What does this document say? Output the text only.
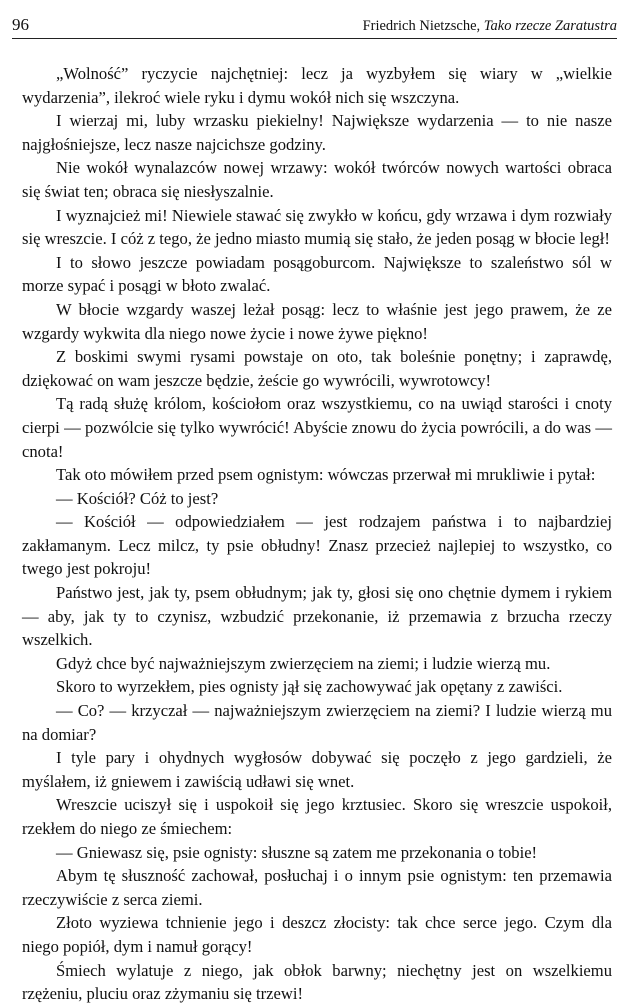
96	Friedrich Nietzsche, Tako rzecze Zaratustra

„Wolność” ryczycie najchętniej: lecz ja wyzbyłem się wiary w „wielkie wydarzenia”, ilekroć wiele ryku i dymu wokół nich się wszczyna.

I wierzaj mi, luby wrzasku piekielny! Największe wydarzenia — to nie nasze najgłośniejsze, lecz nasze najcichsze godziny.

Nie wokół wynalazców nowej wrzawy: wokół twórców nowych wartości obraca się świat ten; obraca się niesłyszalnie.

I wyznajcież mi! Niewiele stawać się zwykło w końcu, gdy wrzawa i dym rozwiały się wreszcie. I cóż z tego, że jedno miasto mumią się stało, że jeden posąg w błocie legł!

I to słowo jeszcze powiadam posągoburcom. Największe to szaleństwo sól w morze sypać i posągi w błoto zwalać.

W błocie wzgardy waszej leżał posąg: lecz to właśnie jest jego prawem, że ze wzgardy wykwita dla niego nowe życie i nowe żywe piękno!

Z boskimi swymi rysami powstaje on oto, tak boleśnie ponętny; i zaprawdę, dziękować on wam jeszcze będzie, żeście go wywrócili, wywrotowcy!

Tą radą służę królom, kościołom oraz wszystkiemu, co na uwiąd starości i cnoty cierpi — pozwólcie się tylko wywrócić! Abyście znowu do życia powrócili, a do was — cnota!

Tak oto mówiłem przed psem ognistym: wówczas przerwał mi mrukliwie i pytał:

— Kościół? Cóż to jest?

— Kościół — odpowiedziałem — jest rodzajem państwa i to najbardziej zakłamanym. Lecz milcz, ty psie obłudny! Znasz przecież najlepiej to wszystko, co twego jest pokroju!

Państwo jest, jak ty, psem obłudnym; jak ty, głosi się ono chętnie dymem i rykiem — aby, jak ty to czynisz, wzbudzić przekonanie, iż przemawia z brzucha rzeczy wszelkich.

Gdyż chce być najważniejszym zwierzęciem na ziemi; i ludzie wierzą mu.

Skoro to wyrzekłem, pies ognisty jął się zachowywać jak opętany z zawiści.

— Co? — krzyczał — najważniejszym zwierzęciem na ziemi? I ludzie wierzą mu na domiar?

I tyle pary i ohydnych wygłosów dobywać się poczęło z jego gardzieli, że myślałem, iż gniewem i zawiścią udławi się wnet.

Wreszcie uciszył się i uspokoił się jego krztusiec. Skoro się wreszcie uspokoił, rzekłem do niego ze śmiechem:

— Gniewasz się, psie ognisty: słuszne są zatem me przekonania o tobie!

Abym tę słuszność zachował, posłuchaj i o innym psie ognistym: ten przemawia rzeczywiście z serca ziemi.

Złoto wyziewa tchnienie jego i deszcz złocisty: tak chce serce jego. Czym dla niego popiół, dym i namuł gorący!

Śmiech wylatuje z niego, jak obłok barwny; niechętny jest on wszelkiemu rzężeniu, pluciu oraz zżymaniu się trzewi!
